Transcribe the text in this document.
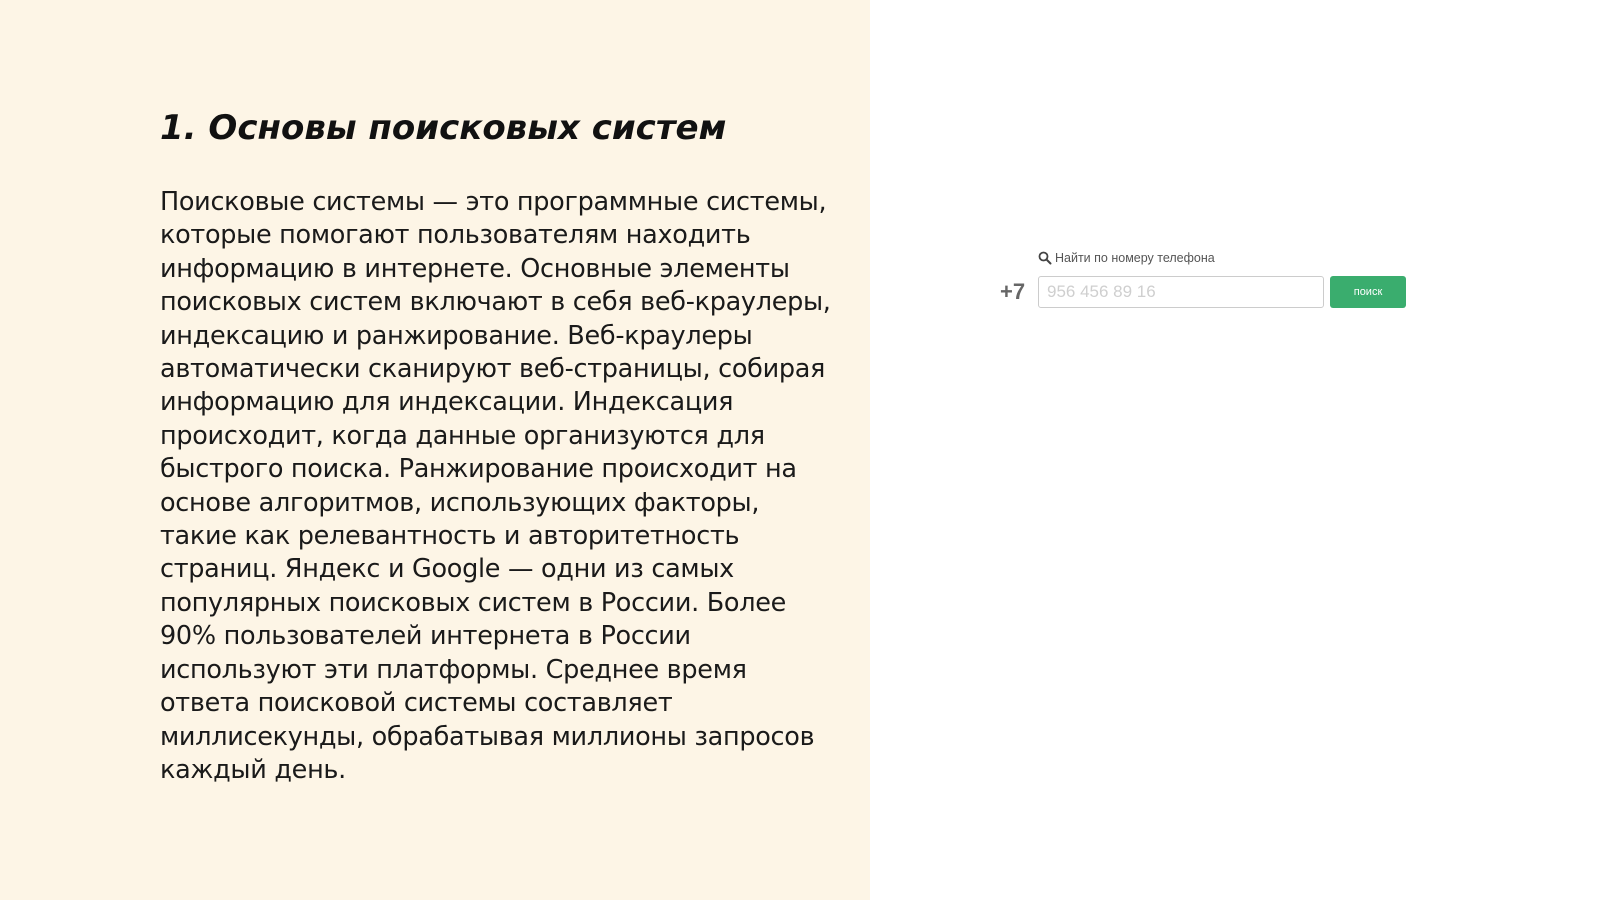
1. Основы поисковых систем

Поисковые системы — это программные системы, которые помогают пользователям находить информацию в интернете. Основные элементы поисковых систем включают в себя веб-краулеры, индексацию и ранжирование. Веб-краулеры автоматически сканируют веб-страницы, собирая информацию для индексации. Индексация происходит, когда данные организуются для быстрого поиска. Ранжирование происходит на основе алгоритмов, использующих факторы, такие как релевантность и авторитетность страниц. Яндекс и Google — одни из самых популярных поисковых систем в России. Более 90% пользователей интернета в России используют эти платформы. Среднее время ответа поисковой системы составляет миллисекунды, обрабатывая миллионы запросов каждый день.

Найти по номеру телефона
+7
956 456 89 16	поиск
